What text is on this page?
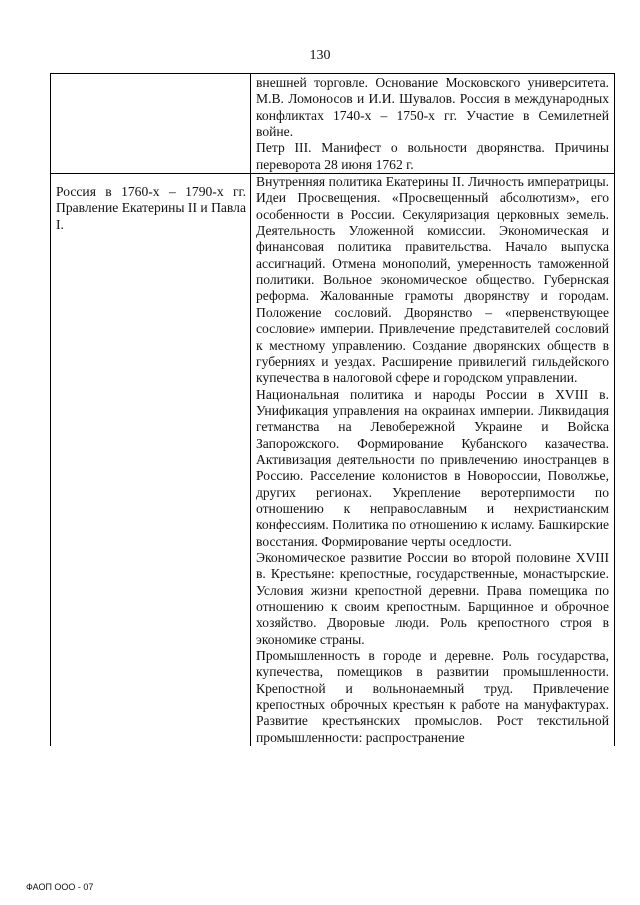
130

	внешней торговле. Основание Московского университета. М.В. Ломоносов и И.И. Шувалов. Россия в международных конфликтах 1740-х – 1750-х гг. Участие в Семилетней войне.

Петр III. Манифест о вольности дворянства. Причины переворота 28 июня 1762 г.

Россия в 1760-х – 1790-х гг. Правление Екатерины II и Павла I.	Внутренняя политика Екатерины II. Личность императрицы. Идеи Просвещения. «Просвещенный абсолютизм», его особенности в России. Секуляризация церковных земель. Деятельность Уложенной комиссии. Экономическая и финансовая политика правительства. Начало выпуска ассигнаций. Отмена монополий, умеренность таможенной политики. Вольное экономическое общество. Губернская реформа. Жалованные грамоты дворянству и городам. Положение сословий. Дворянство – «первенствующее сословие» империи. Привлечение представителей сословий к местному управлению. Создание дворянских обществ в губерниях и уездах. Расширение привилегий гильдейского купечества в налоговой сфере и городском управлении.

Национальная политика и народы России в XVIII в. Унификация управления на окраинах империи. Ликвидация гетманства на Левобережной Украине и Войска Запорожского. Формирование Кубанского казачества. Активизация деятельности по привлечению иностранцев в Россию. Расселение колонистов в Новороссии, Поволжье, других регионах. Укрепление веротерпимости по отношению к неправославным и нехристианским конфессиям. Политика по отношению к исламу. Башкирские восстания. Формирование черты оседлости.

Экономическое развитие России во второй половине XVIII в. Крестьяне: крепостные, государственные, монастырские. Условия жизни крепостной деревни. Права помещика по отношению к своим крепостным. Барщинное и оброчное хозяйство. Дворовые люди. Роль крепостного строя в экономике страны.

Промышленность в городе и деревне. Роль государства, купечества, помещиков в развитии промышленности. Крепостной и вольнонаемный труд. Привлечение крепостных оброчных крестьян к работе на мануфактурах. Развитие крестьянских промыслов. Рост текстильной промышленности: распространение

ФАОП ООО - 07
